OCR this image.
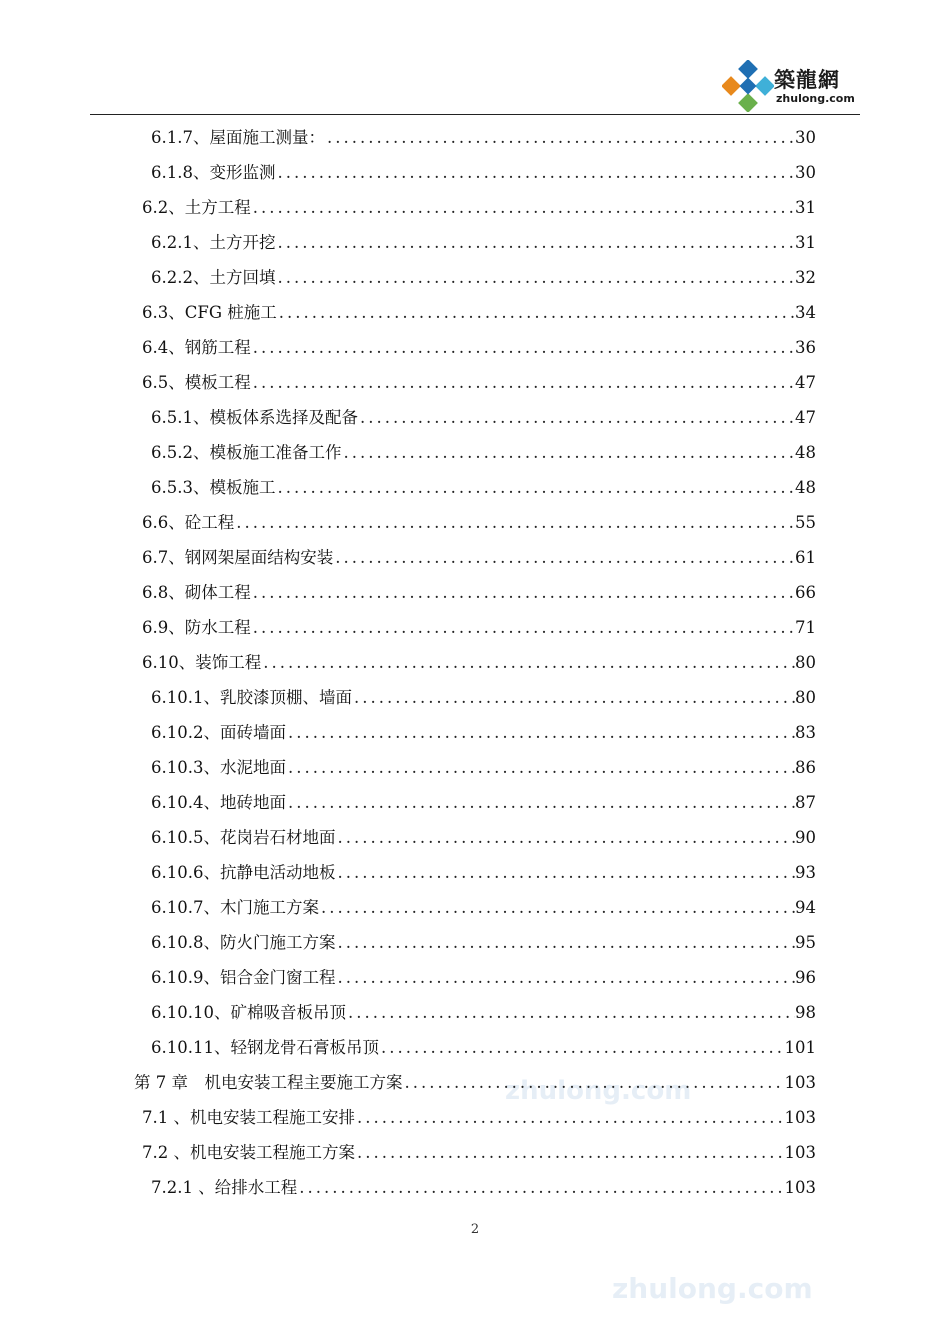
築龍網
zhulong.com
zhulong.com
zhulong.com
6.1.7、屋面施工测量： .....	30
6.1.8、变形监测 .....	30
6.2、土方工程 .....	31
6.2.1、土方开挖 .....	31
6.2.2、土方回填 .....	32
6.3、CFG 桩施工 .....	34
6.4、钢筋工程 .....	36
6.5、模板工程 .....	47
6.5.1、模板体系选择及配备 .....	47
6.5.2、模板施工准备工作 .....	48
6.5.3、模板施工 .....	48
6.6、砼工程 .....	55
6.7、钢网架屋面结构安装 .....	61
6.8、砌体工程 .....	66
6.9、防水工程 .....	71
6.10、装饰工程 .....	80
6.10.1、乳胶漆顶棚、墙面 .....	80
6.10.2、面砖墙面 .....	83
6.10.3、水泥地面 .....	86
6.10.4、地砖地面 .....	87
6.10.5、花岗岩石材地面 .....	90
6.10.6、抗静电活动地板 .....	93
6.10.7、木门施工方案 .....	94
6.10.8、防火门施工方案 .....	95
6.10.9、铝合金门窗工程 .....	96
6.10.10、矿棉吸音板吊顶 .....	98
6.10.11、轻钢龙骨石膏板吊顶 .....	101
第 7 章　机电安装工程主要施工方案 .....	103
7.1 、机电安装工程施工安排 .....	103
7.2 、机电安装工程施工方案 .....	103
7.2.1 、给排水工程 .....	103
2
